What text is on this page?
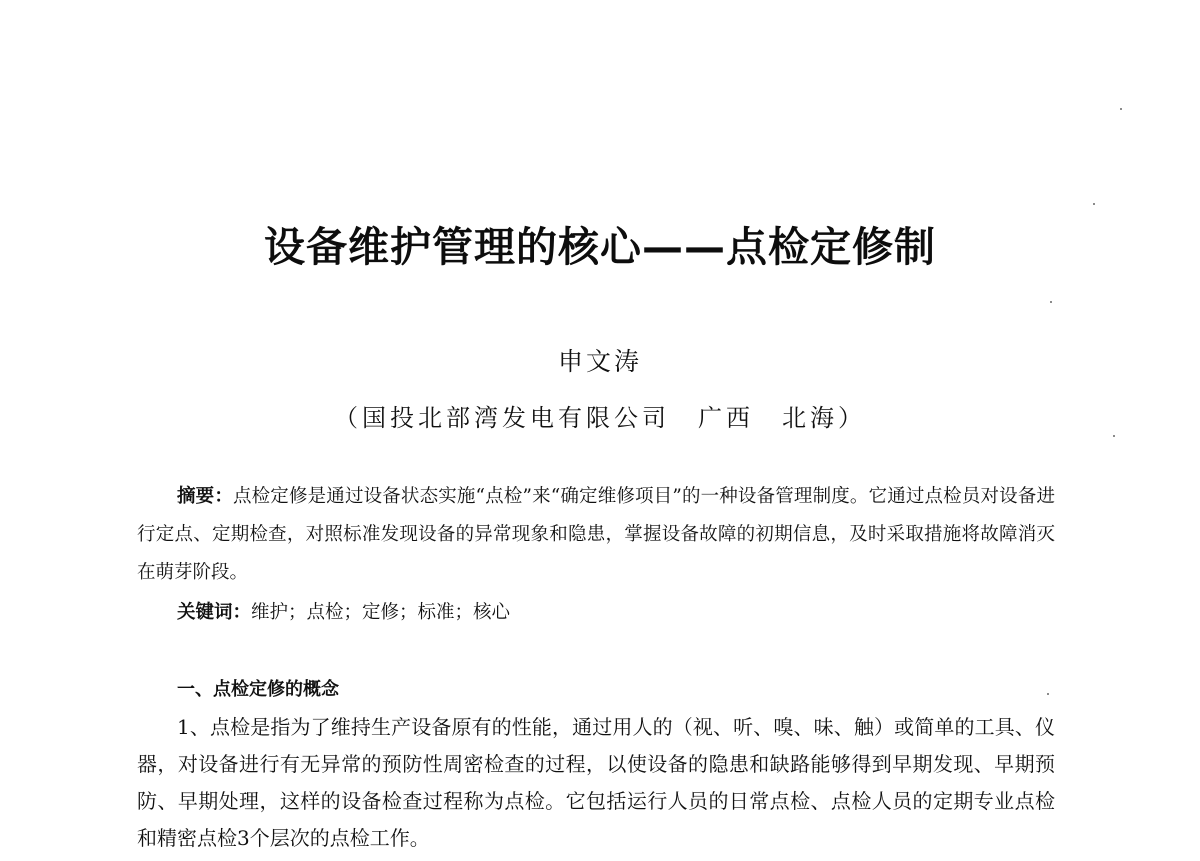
设备维护管理的核心——点检定修制
申文涛
（国投北部湾发电有限公司　广西　北海）
摘要：点检定修是通过设备状态实施“点检”来“确定维修项目”的一种设备管理制度。它通过点检员对设备进行定点、定期检查，对照标准发现设备的异常现象和隐患，掌握设备故障的初期信息，及时采取措施将故障消灭在萌芽阶段。
关键词：维护；点检；定修；标准；核心
一、点检定修的概念
1、点检是指为了维持生产设备原有的性能，通过用人的（视、听、嗅、味、触）或简单的工具、仪器，对设备进行有无异常的预防性周密检查的过程，以使设备的隐患和缺路能够得到早期发现、早期预防、早期处理，这样的设备检查过程称为点检。它包括运行人员的日常点检、点检人员的定期专业点检和精密点检3个层次的点检工作。
